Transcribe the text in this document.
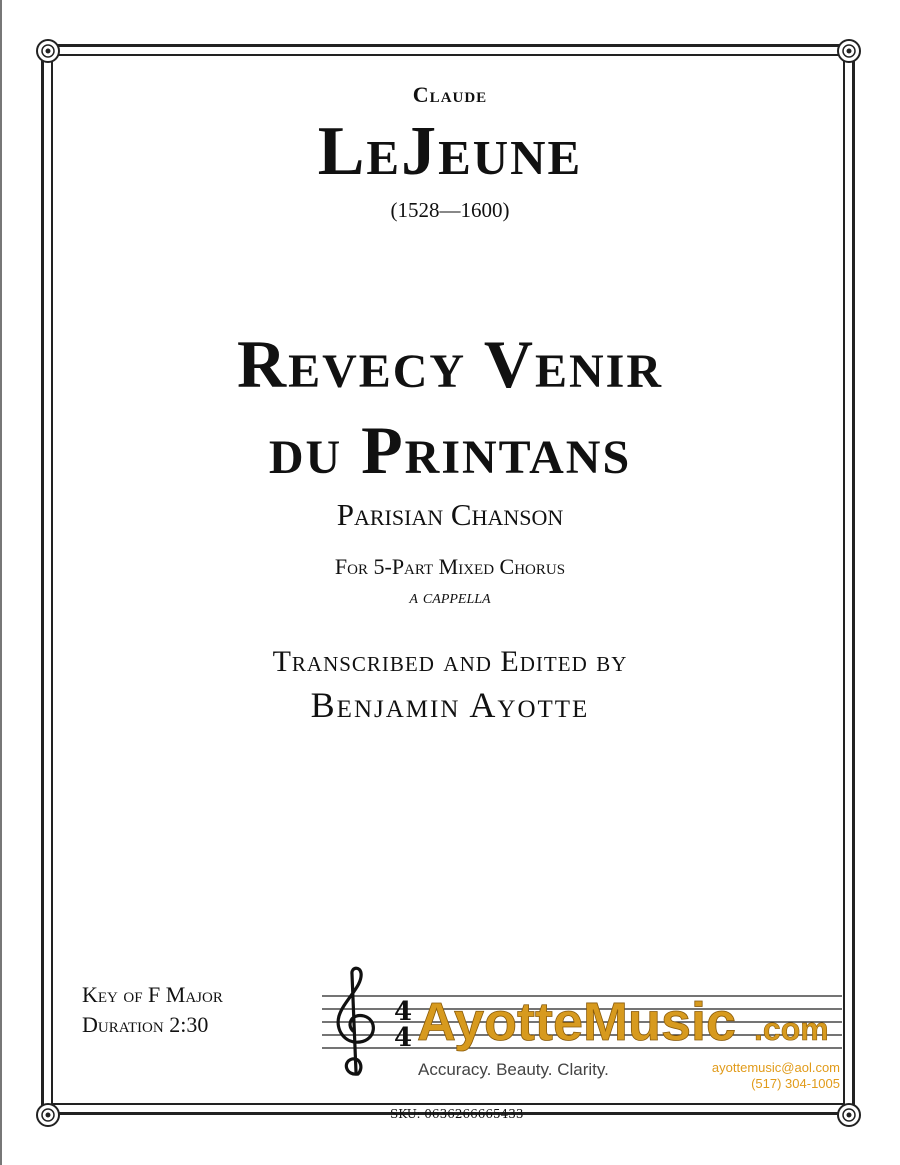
Claude
LeJeune
(1528—1600)
Revecy Venir
du Printans
Parisian Chanson
For 5-Part Mixed Chorus
a cappella
Transcribed and Edited by
Benjamin Ayotte
Key of F Major
Duration 2:30	4
4 AyotteMusic .com
Accuracy. Beauty. Clarity.	ayottemusic@aol.com
(517) 304-1005
SKU: 0636266665433
